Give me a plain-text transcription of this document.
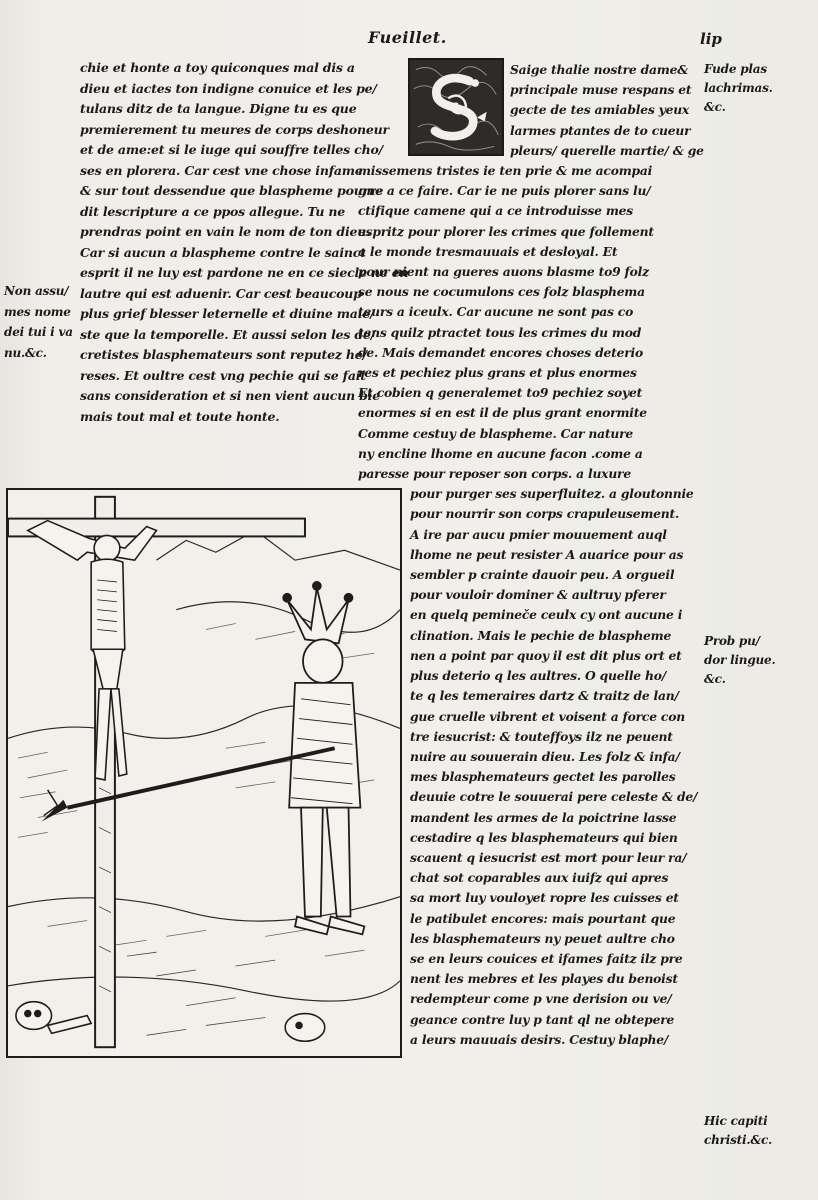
Fueillet.	lip
chie et honte a toy quiconques mal dis a
dieu et iactes ton indigne conuice et les pe/
tulans ditz de ta langue. Digne tu es que
premierement tu meures de corps deshoneur
et de ame:et si le iuge qui souffre telles cho/
ses en plorera. Car cest vne chose infame
& sur tout dessendue que blaspheme pourre
dit lescripture a ce ppos allegue. Tu ne
prendras point en vain le nom de ton dieu.
Car si aucun a blaspheme contre le sainct
esprit il ne luy est pardone ne en ce siecle ne en
lautre qui est aduenir. Car cest beaucoup
plus grief blesser leternelle et diuine maie/
ste que la temporelle. Et aussi selon les de/
cretistes blasphemateurs sont reputez he/
reses. Et oultre cest vng pechie qui se fait
sans consideration et si nen vient aucun bie
mais tout mal et toute honte.
Non assu/
mes nome
dei tui i va
nu.&c.
Saige thalie nostre dame&
principale muse respans et
gecte de tes amiables yeux
larmes ptantes de to cueur
pleurs/ querelle martie/ & ge
missemens tristes ie ten prie & me acompai
gne a ce faire. Car ie ne puis plorer sans lu/
ctifique camene qui a ce introduisse mes
espritz pour plorer les crimes que follement
a le monde tresmauuais et desloyal. Et
pour nient na gueres auons blasme to9 folz
se nous ne cocumulons ces folz blasphema
teurs a iceulx. Car aucune ne sont pas co
tens quilz ptractet tous les crimes du mod
de. Mais demandet encores choses deterio
res et pechiez plus grans et plus enormes
Et cobien q generalemet to9 pechiez soyet
enormes si en est il de plus grant enormite
Comme cestuy de blaspheme. Car nature
ny encline lhome en aucune facon .come a
paresse pour reposer son corps. a luxure
pour purger ses superfluitez. a gloutonnie
pour nourrir son corps crapuleusement.
A ire par aucu pmier mouuement auql
lhome ne peut resister A auarice pour as
sembler p crainte dauoir peu. A orgueil
pour vouloir dominer & aultruy pferer
en quelq pemineče ceulx cy ont aucune i
clination. Mais le pechie de blaspheme
nen a point par quoy il est dit plus ort et
plus deterio q les aultres. O quelle ho/
te q les temeraires dartz & traitz de lan/
gue cruelle vibrent et voisent a force con
tre iesucrist: & touteffoys ilz ne peuent
nuire au souuerain dieu. Les folz & infa/
mes blasphemateurs gectet les parolles
deuuie cotre le souuerai pere celeste & de/
mandent les armes de la poictrine lasse
cestadire q les blasphemateurs qui bien
scauent q iesucrist est mort pour leur ra/
chat sot coparables aux iuifz qui apres
sa mort luy vouloyet ropre les cuisses et
le patibulet encores: mais pourtant que
les blasphemateurs ny peuet aultre cho
se en leurs couices et ifames faitz ilz pre
nent les mebres et les playes du benoist
redempteur come p vne derision ou ve/
geance contre luy p tant ql ne obtepere
a leurs mauuais desirs. Cestuy blaphe/
Fude plas
lachrimas.
&c.
Prob pu/
dor lingue.
&c.
Hic capiti
christi.&c.
